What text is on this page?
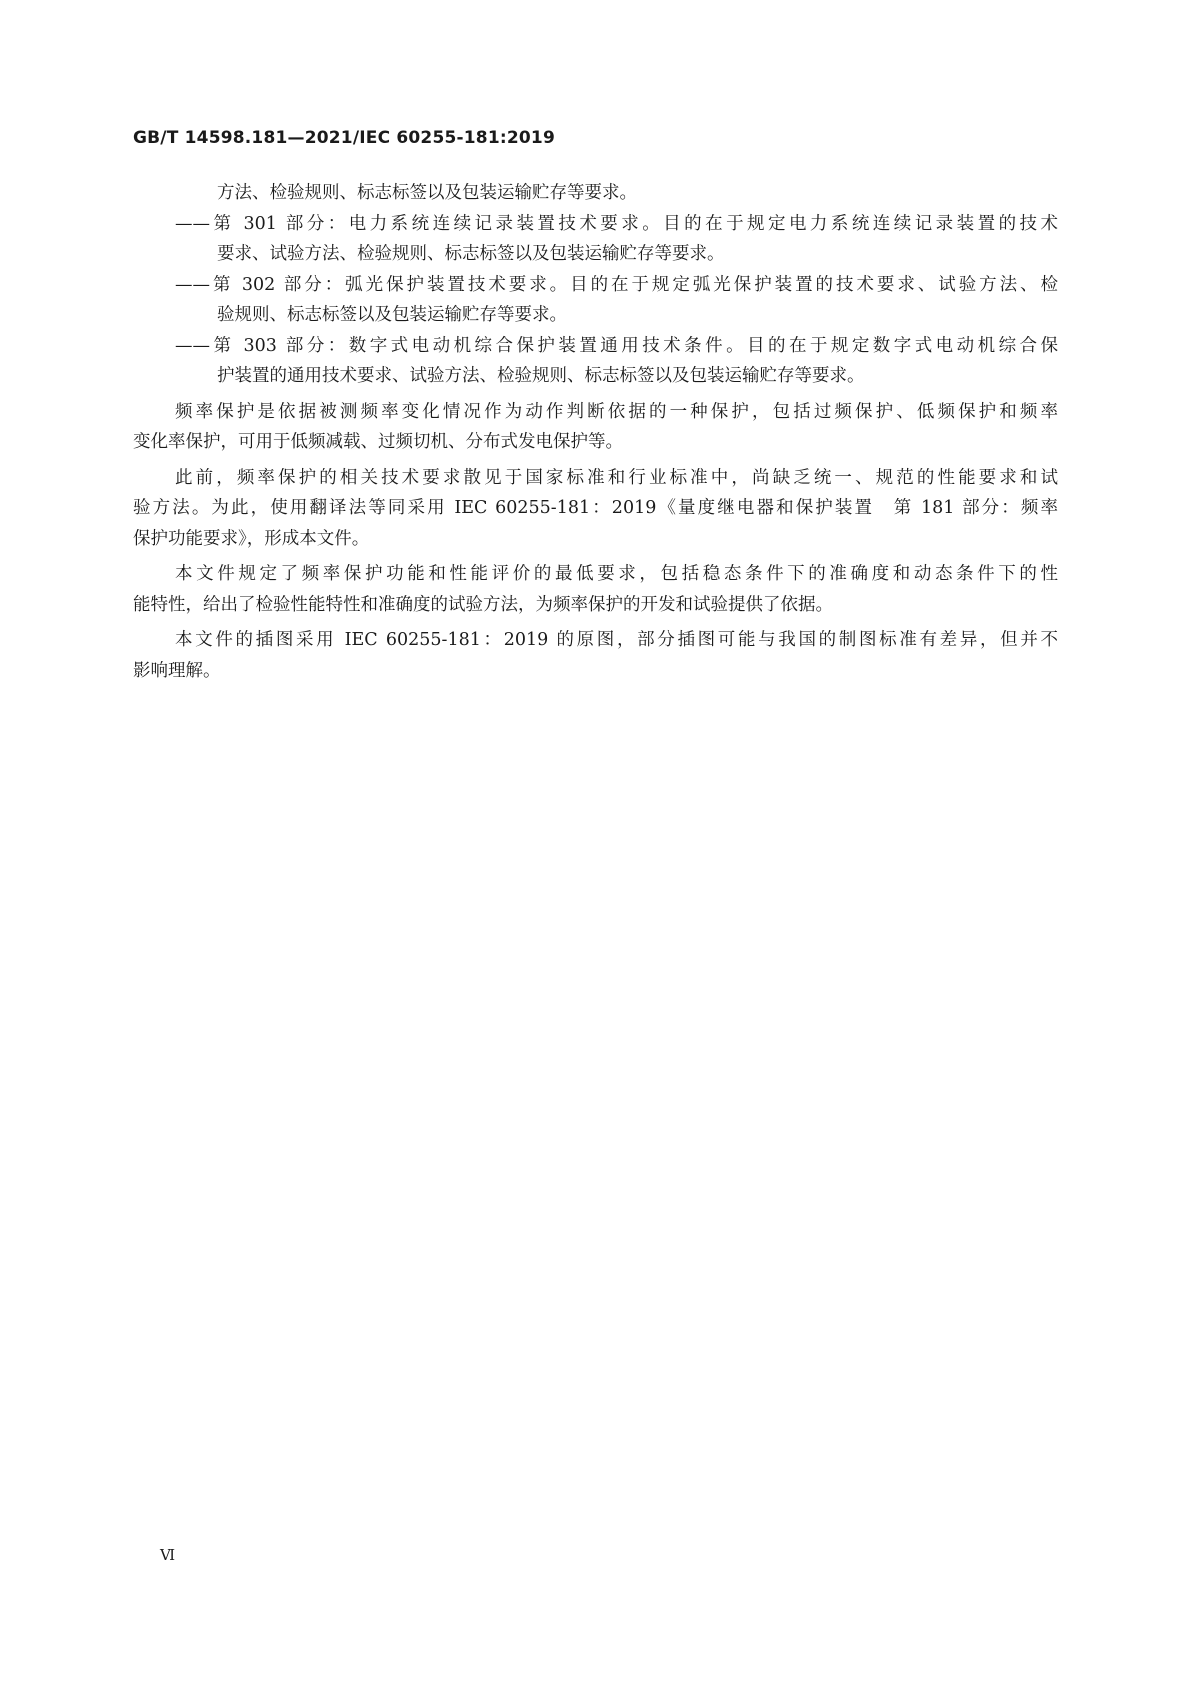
GB/T 14598.181—2021/IEC 60255-181:2019
方法、检验规则、标志标签以及包装运输贮存等要求。
——第 301 部分：电力系统连续记录装置技术要求。目的在于规定电力系统连续记录装置的技术
要求、试验方法、检验规则、标志标签以及包装运输贮存等要求。
——第 302 部分：弧光保护装置技术要求。目的在于规定弧光保护装置的技术要求、试验方法、检
验规则、标志标签以及包装运输贮存等要求。
——第 303 部分：数字式电动机综合保护装置通用技术条件。目的在于规定数字式电动机综合保
护装置的通用技术要求、试验方法、检验规则、标志标签以及包装运输贮存等要求。
频率保护是依据被测频率变化情况作为动作判断依据的一种保护，包括过频保护、低频保护和频率
变化率保护，可用于低频减载、过频切机、分布式发电保护等。
此前，频率保护的相关技术要求散见于国家标准和行业标准中，尚缺乏统一、规范的性能要求和试
验方法。为此，使用翻译法等同采用 IEC 60255-181：2019《量度继电器和保护装置　第 181 部分：频率
保护功能要求》，形成本文件。
本文件规定了频率保护功能和性能评价的最低要求，包括稳态条件下的准确度和动态条件下的性
能特性，给出了检验性能特性和准确度的试验方法，为频率保护的开发和试验提供了依据。
本文件的插图采用 IEC 60255-181：2019 的原图，部分插图可能与我国的制图标准有差异，但并不
影响理解。
Ⅵ
